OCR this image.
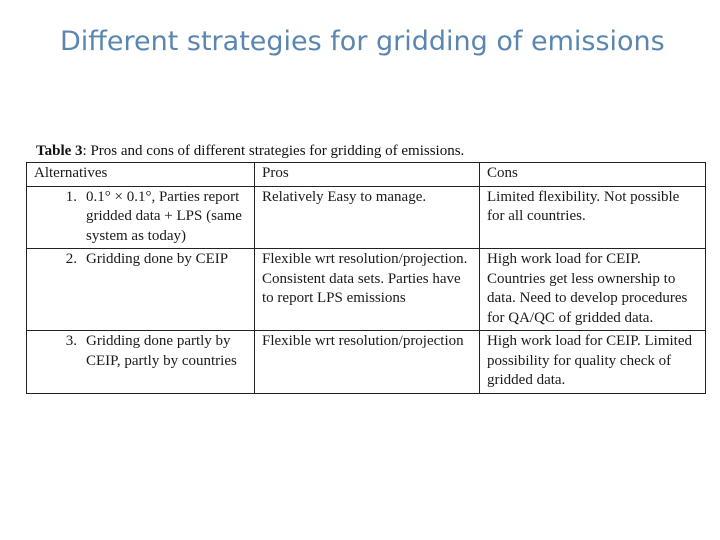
Different strategies for gridding of emissions
Table 3: Pros and cons of different strategies for gridding of emissions.
Alternatives	Pros	Cons

1. 0.1° × 0.1°, Parties report gridded data + LPS (same system as today)	Relatively Easy to manage.	Limited flexibility. Not possible for all countries.

2. Gridding done by CEIP	Flexible wrt resolution/projection. Consistent data sets. Parties have to report LPS emissions	High work load for CEIP. Countries get less ownership to data. Need to develop procedures for QA/QC of gridded data.

3. Gridding done partly by CEIP, partly by countries	Flexible wrt resolution/projection	High work load for CEIP. Limited possibility for quality check of gridded data.
